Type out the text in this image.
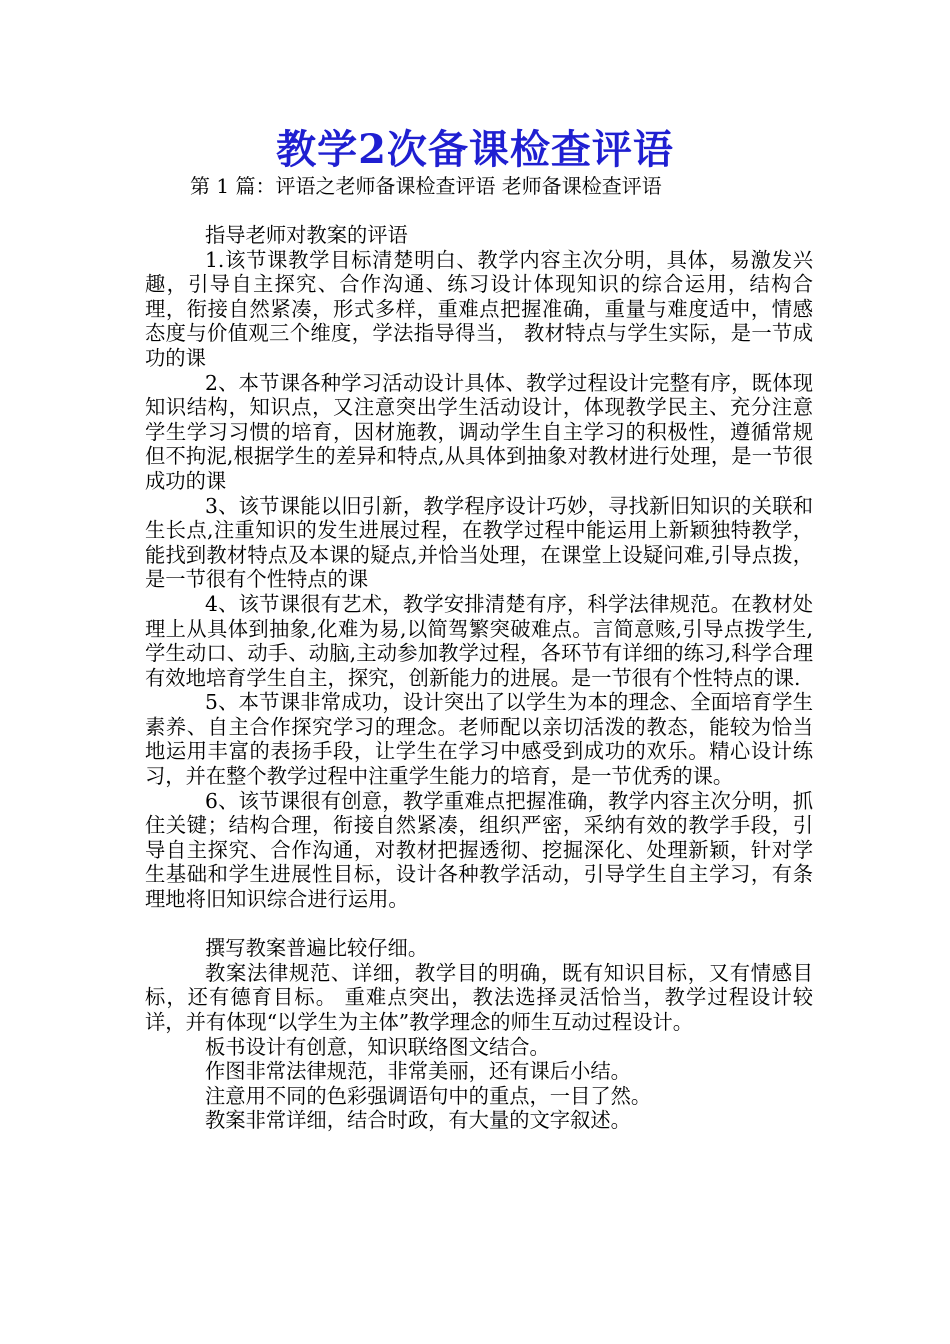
教学2次备课检查评语
第 1 篇：评语之老师备课检查评语 老师备课检查评语

指导老师对教案的评语

1.该节课教学目标清楚明白、教学内容主次分明，具体，易激发兴趣，引导自主探究、合作沟通、练习设计体现知识的综合运用，结构合理，衔接自然紧凑，形式多样，重难点把握准确，重量与难度适中，情感态度与价值观三个维度，学法指导得当， 教材特点与学生实际，是一节成功的课

2、本节课各种学习活动设计具体、教学过程设计完整有序，既体现知识结构，知识点，又注意突出学生活动设计，体现教学民主、充分注意学生学习习惯的培育，因材施教，调动学生自主学习的积极性，遵循常规但不拘泥,根据学生的差异和特点,从具体到抽象对教材进行处理，是一节很成功的课

3、该节课能以旧引新，教学程序设计巧妙，寻找新旧知识的关联和生长点,注重知识的发生进展过程，在教学过程中能运用上新颖独特教学，能找到教材特点及本课的疑点,并恰当处理，在课堂上设疑问难,引导点拨，是一节很有个性特点的课

4、该节课很有艺术，教学安排清楚有序，科学法律规范。在教材处理上从具体到抽象,化难为易,以简驾繁突破难点。言简意赅,引导点拨学生,学生动口、动手、动脑,主动参加教学过程，各环节有详细的练习,科学合理有效地培育学生自主，探究，创新能力的进展。是一节很有个性特点的课.

5、本节课非常成功，设计突出了以学生为本的理念、全面培育学生素养、自主合作探究学习的理念。老师配以亲切活泼的教态，能较为恰当地运用丰富的表扬手段，让学生在学习中感受到成功的欢乐。精心设计练习，并在整个教学过程中注重学生能力的培育，是一节优秀的课。

6、该节课很有创意，教学重难点把握准确，教学内容主次分明，抓住关键；结构合理，衔接自然紧凑，组织严密，采纳有效的教学手段，引导自主探究、合作沟通，对教材把握透彻、挖掘深化、处理新颖，针对学生基础和学生进展性目标，设计各种教学活动，引导学生自主学习，有条理地将旧知识综合进行运用。

撰写教案普遍比较仔细。

教案法律规范、详细，教学目的明确，既有知识目标，又有情感目标，还有德育目标。 重难点突出，教法选择灵活恰当，教学过程设计较详，并有体现“以学生为主体”教学理念的师生互动过程设计。

板书设计有创意，知识联络图文结合。

作图非常法律规范，非常美丽，还有课后小结。

注意用不同的色彩强调语句中的重点，一目了然。

教案非常详细，结合时政，有大量的文字叙述。
